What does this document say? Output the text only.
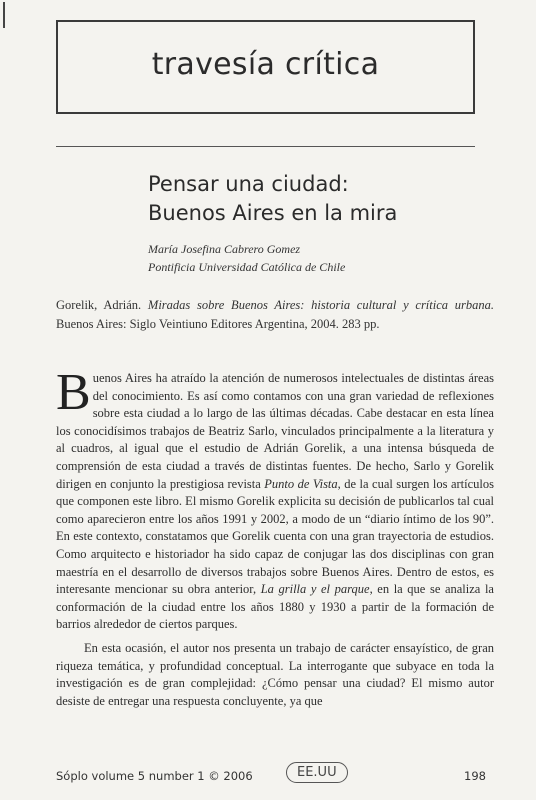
travesía crítica
Pensar una ciudad:
Buenos Aires en la mira
María Josefina Cabrero Gomez
Pontificia Universidad Católica de Chile
Gorelik, Adrián. Miradas sobre Buenos Aires: historia cultural y crítica urbana. Buenos Aires: Siglo Veintiuno Editores Argentina, 2004. 283 pp.

Buenos Aires ha atraído la atención de numerosos intelectuales de distintas áreas del conocimiento. Es así como contamos con una gran variedad de reflexiones sobre esta ciudad a lo largo de las últimas décadas. Cabe destacar en esta línea los conocidísimos trabajos de Beatriz Sarlo, vinculados principalmente a la literatura y al cuadros, al igual que el estudio de Adrián Gorelik, a una intensa búsqueda de comprensión de esta ciudad a través de distintas fuentes. De hecho, Sarlo y Gorelik dirigen en conjunto la prestigiosa revista Punto de Vista, de la cual surgen los artículos que componen este libro. El mismo Gorelik explicita su decisión de publicarlos tal cual como aparecieron entre los años 1991 y 2002, a modo de un “diario íntimo de los 90”. En este contexto, constatamos que Gorelik cuenta con una gran trayectoria de estudios. Como arquitecto e historiador ha sido capaz de conjugar las dos disciplinas con gran maestría en el desarrollo de diversos trabajos sobre Buenos Aires. Dentro de estos, es interesante mencionar su obra anterior, La grilla y el parque, en la que se analiza la conformación de la ciudad entre los años 1880 y 1930 a partir de la formación de barrios alrededor de ciertos parques.

En esta ocasión, el autor nos presenta un trabajo de carácter ensayístico, de gran riqueza temática, y profundidad conceptual. La interrogante que subyace en toda la investigación es de gran complejidad: ¿Cómo pensar una ciudad? El mismo autor desiste de entregar una respuesta concluyente, ya que

Sóplo volume 5 number 1 © 2006	EE.UU	198
